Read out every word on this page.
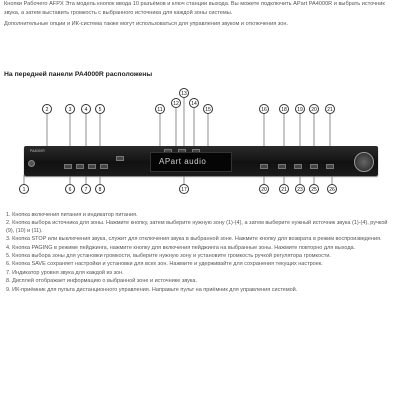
Кнопки Рабочего AFPX Эта модель кнопок ввода 10 разъёмов и ключ станции выхода. Вы можете подключить APart PA4000R и выбрать источник звука, а затем выставить громкость с выбранного источника для каждой зоны системы.

Дополнительные опции и ИК-система также могут использоваться для управления звуком и отключения зон.

На передней панели PA4000R расположены
2	3	4	5	11
12
13
14
15	16	18	19	20	21
PA4000R
APart audio
1	6	7	8	17	20	21	23	25	26
1. Кнопка включения питания и индикатор питания.
2. Кнопка выбора источника для зоны. Нажмите кнопку, затем выберите нужную зону (1)-(4), а затем выберите нужный источник звука (1)-(4), ручкой (9), (10) и (11).
3. Кнопка STOP или выключения звука, служит для отключения звука в выбранной зоне. Нажмите кнопку для возврата в режим воспроизведения.
4. Кнопка PAGING в режиме пейджинга, нажмите кнопку для включения пейджинга на выбранные зоны. Нажмите повторно для выхода.
5. Кнопка выбора зоны для установки громкости, выберите нужную зону и установите громкость ручкой регулятора громкости.
6. Кнопка SAVE сохраняет настройки и установки для всех зон. Нажмите и удерживайте для сохранения текущих настроек.
7. Индикатор уровня звука для каждой из зон.
8. Дисплей отображает информацию о выбранной зоне и источнике звука.
9. ИК-приёмник для пульта дистанционного управления. Направьте пульт на приёмник для управления системой.
